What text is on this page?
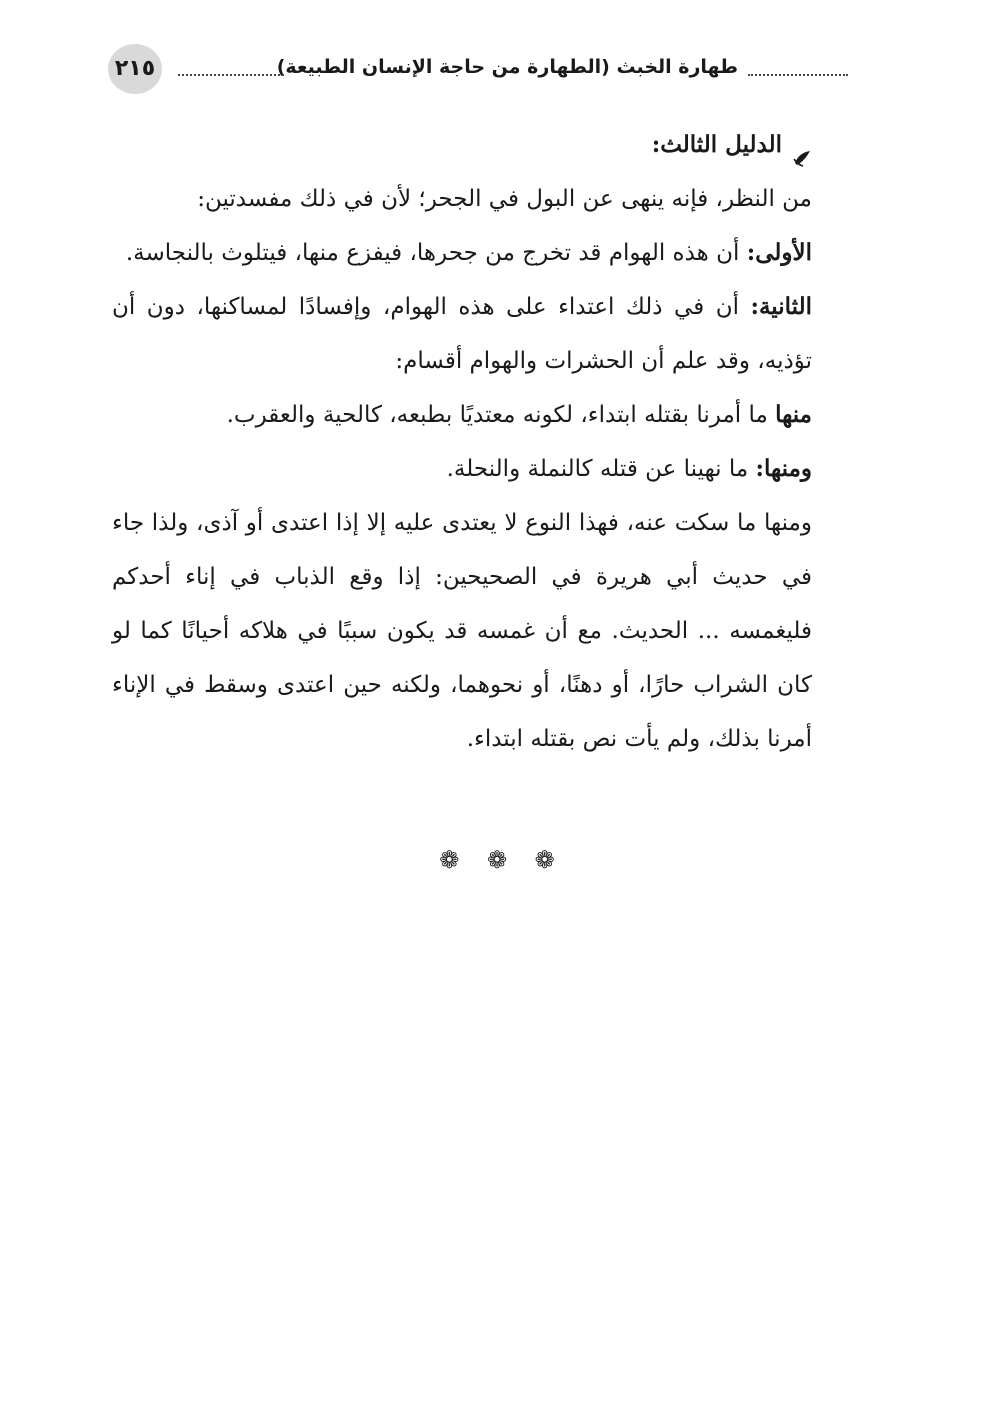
طهارة الخبث (الطهارة من حاجة الإنسان الطبيعة)
٢١٥
الدليل الثالث:

من النظر، فإنه ينهى عن البول في الجحر؛ لأن في ذلك مفسدتين:

الأولى: أن هذه الهوام قد تخرج من جحرها، فيفزع منها، فيتلوث بالنجاسة.

الثانية: أن في ذلك اعتداء على هذه الهوام، وإفسادًا لمساكنها، دون أن تؤذيه، وقد علم أن الحشرات والهوام أقسام:

منها ما أمرنا بقتله ابتداء، لكونه معتديًا بطبعه، كالحية والعقرب.

ومنها: ما نهينا عن قتله كالنملة والنحلة.

ومنها ما سكت عنه، فهذا النوع لا يعتدى عليه إلا إذا اعتدى أو آذى، ولذا جاء في حديث أبي هريرة في الصحيحين: إذا وقع الذباب في إناء أحدكم فليغمسه ... الحديث. مع أن غمسه قد يكون سببًا في هلاكه أحيانًا كما لو كان الشراب حارًا، أو دهنًا، أو نحوهما، ولكنه حين اعتدى وسقط في الإناء أمرنا بذلك، ولم يأت نص بقتله ابتداء.

❁ ❁ ❁
